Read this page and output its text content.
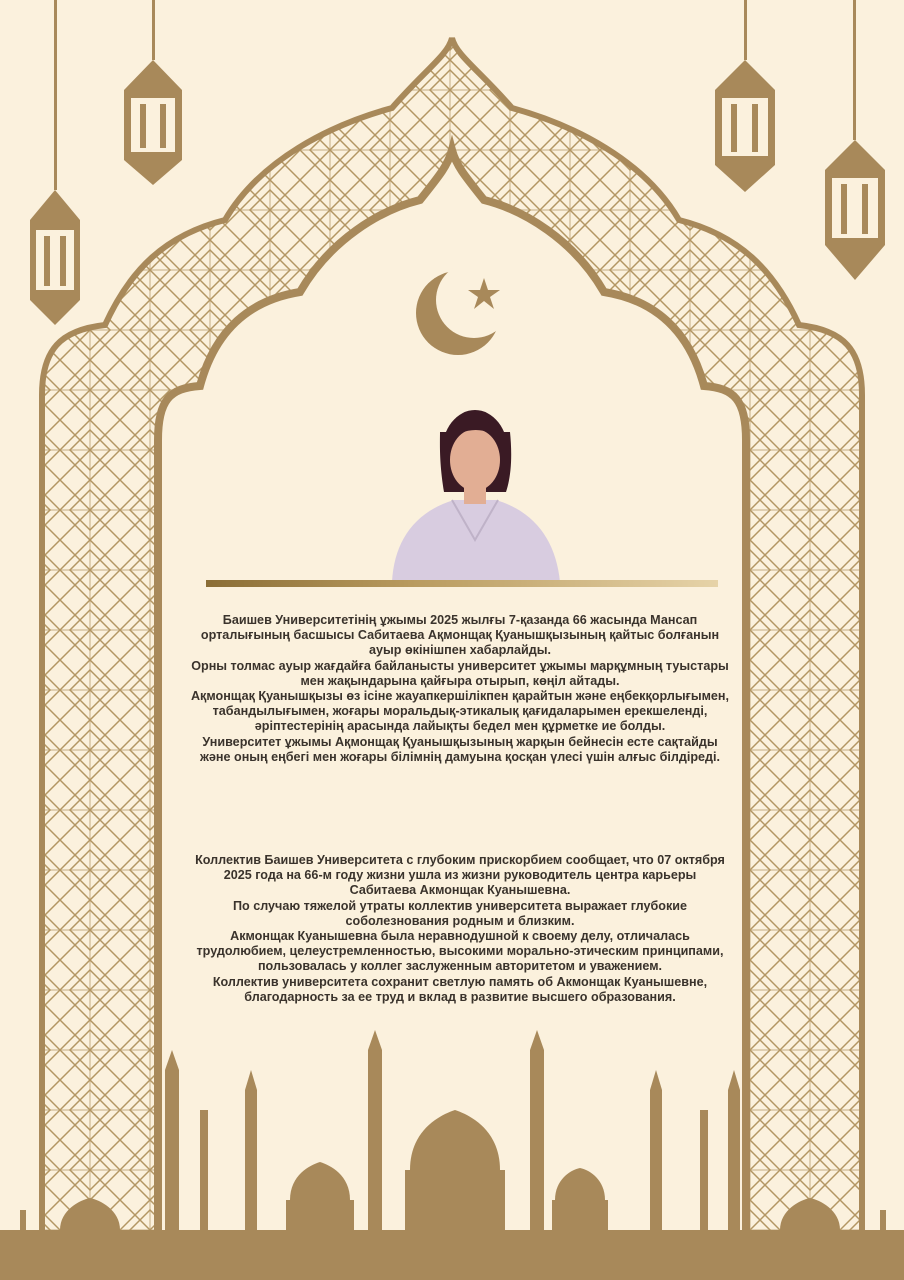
Баишев Университетінің ұжымы 2025 жылғы 7-қазанда 66 жасында Мансап орталығының басшысы Сабитаева Ақмонщақ Қуанышқызының қайтыс болғанын ауыр өкінішпен хабарлайды.

Орны толмас ауыр жағдайға байланысты университет ұжымы марқұмның туыстары мен жақындарына қайғыра отырып, көңіл айтады.

Ақмонщақ Қуанышқызы өз ісіне жауапкершілікпен қарайтын және еңбекқорлығымен, табандылығымен, жоғары моральдық-этикалық қағидаларымен ерекшеленді, әріптестерінің арасында лайықты бедел мен құрметке ие болды.

Университет ұжымы Ақмонщақ Қуанышқызының жарқын бейнесін есте сақтайды және оның еңбегі мен жоғары білімнің дамуына қосқан үлесі үшін алғыс білдіреді.

Коллектив Баишев Университета с глубоким прискорбием сообщает, что 07 октября 2025 года на 66-м году жизни ушла из жизни руководитель центра карьеры Сабитаева Акмонщак Куанышевна.

По случаю тяжелой утраты коллектив университета выражает глубокие соболезнования родным и близким.

Акмонщак Куанышевна была неравнодушной к своему делу, отличалась трудолюбием, целеустремленностью, высокими морально-этическим принципами, пользовалась у коллег заслуженным авторитетом и уважением.

Коллектив университета сохранит светлую память об Акмонщак Куанышевне, благодарность за ее труд и вклад в развитие высшего образования.
